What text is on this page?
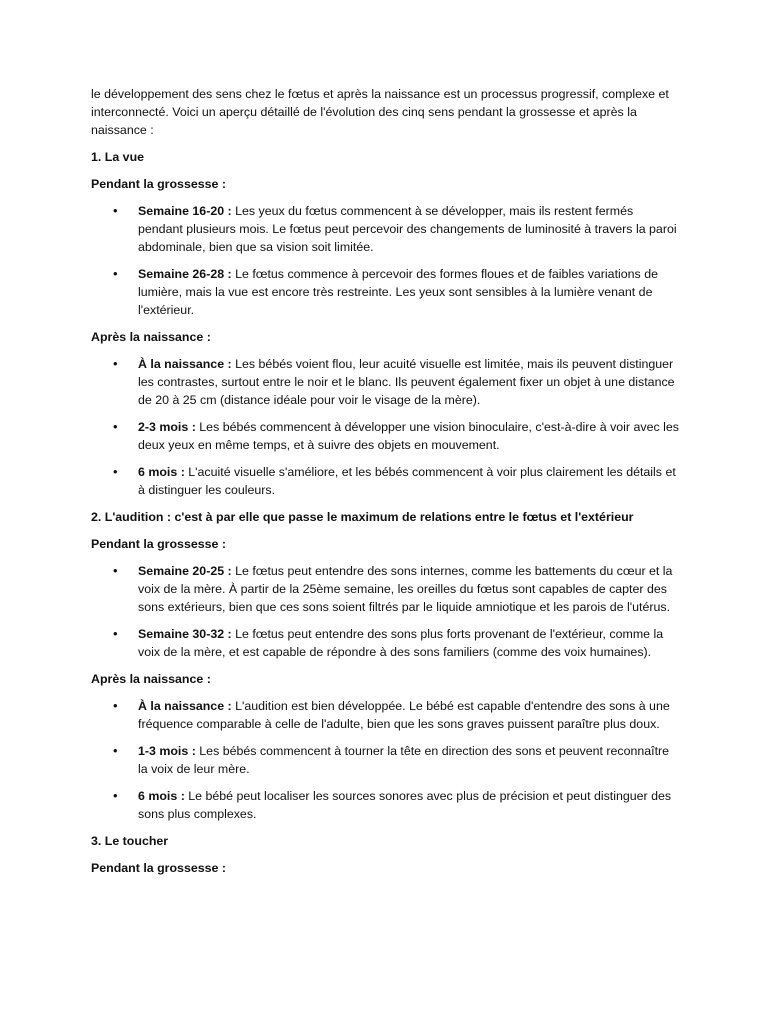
le développement des sens chez le fœtus et après la naissance est un processus progressif, complexe et interconnecté. Voici un aperçu détaillé de l'évolution des cinq sens pendant la grossesse et après la naissance :

1. La vue

Pendant la grossesse :

• Semaine 16-20 : Les yeux du fœtus commencent à se développer, mais ils restent fermés pendant plusieurs mois. Le fœtus peut percevoir des changements de luminosité à travers la paroi abdominale, bien que sa vision soit limitée.
• Semaine 26-28 : Le fœtus commence à percevoir des formes floues et de faibles variations de lumière, mais la vue est encore très restreinte. Les yeux sont sensibles à la lumière venant de l'extérieur.

Après la naissance :

• À la naissance : Les bébés voient flou, leur acuité visuelle est limitée, mais ils peuvent distinguer les contrastes, surtout entre le noir et le blanc. Ils peuvent également fixer un objet à une distance de 20 à 25 cm (distance idéale pour voir le visage de la mère).
• 2-3 mois : Les bébés commencent à développer une vision binoculaire, c'est-à-dire à voir avec les deux yeux en même temps, et à suivre des objets en mouvement.
• 6 mois : L'acuité visuelle s'améliore, et les bébés commencent à voir plus clairement les détails et à distinguer les couleurs.

2. L'audition : c'est à par elle que passe le maximum de relations entre le fœtus et l'extérieur

Pendant la grossesse :

• Semaine 20-25 : Le fœtus peut entendre des sons internes, comme les battements du cœur et la voix de la mère. À partir de la 25ème semaine, les oreilles du fœtus sont capables de capter des sons extérieurs, bien que ces sons soient filtrés par le liquide amniotique et les parois de l'utérus.
• Semaine 30-32 : Le fœtus peut entendre des sons plus forts provenant de l'extérieur, comme la voix de la mère, et est capable de répondre à des sons familiers (comme des voix humaines).

Après la naissance :

• À la naissance : L'audition est bien développée. Le bébé est capable d'entendre des sons à une fréquence comparable à celle de l'adulte, bien que les sons graves puissent paraître plus doux.
• 1-3 mois : Les bébés commencent à tourner la tête en direction des sons et peuvent reconnaître la voix de leur mère.
• 6 mois : Le bébé peut localiser les sources sonores avec plus de précision et peut distinguer des sons plus complexes.

3. Le toucher

Pendant la grossesse :
